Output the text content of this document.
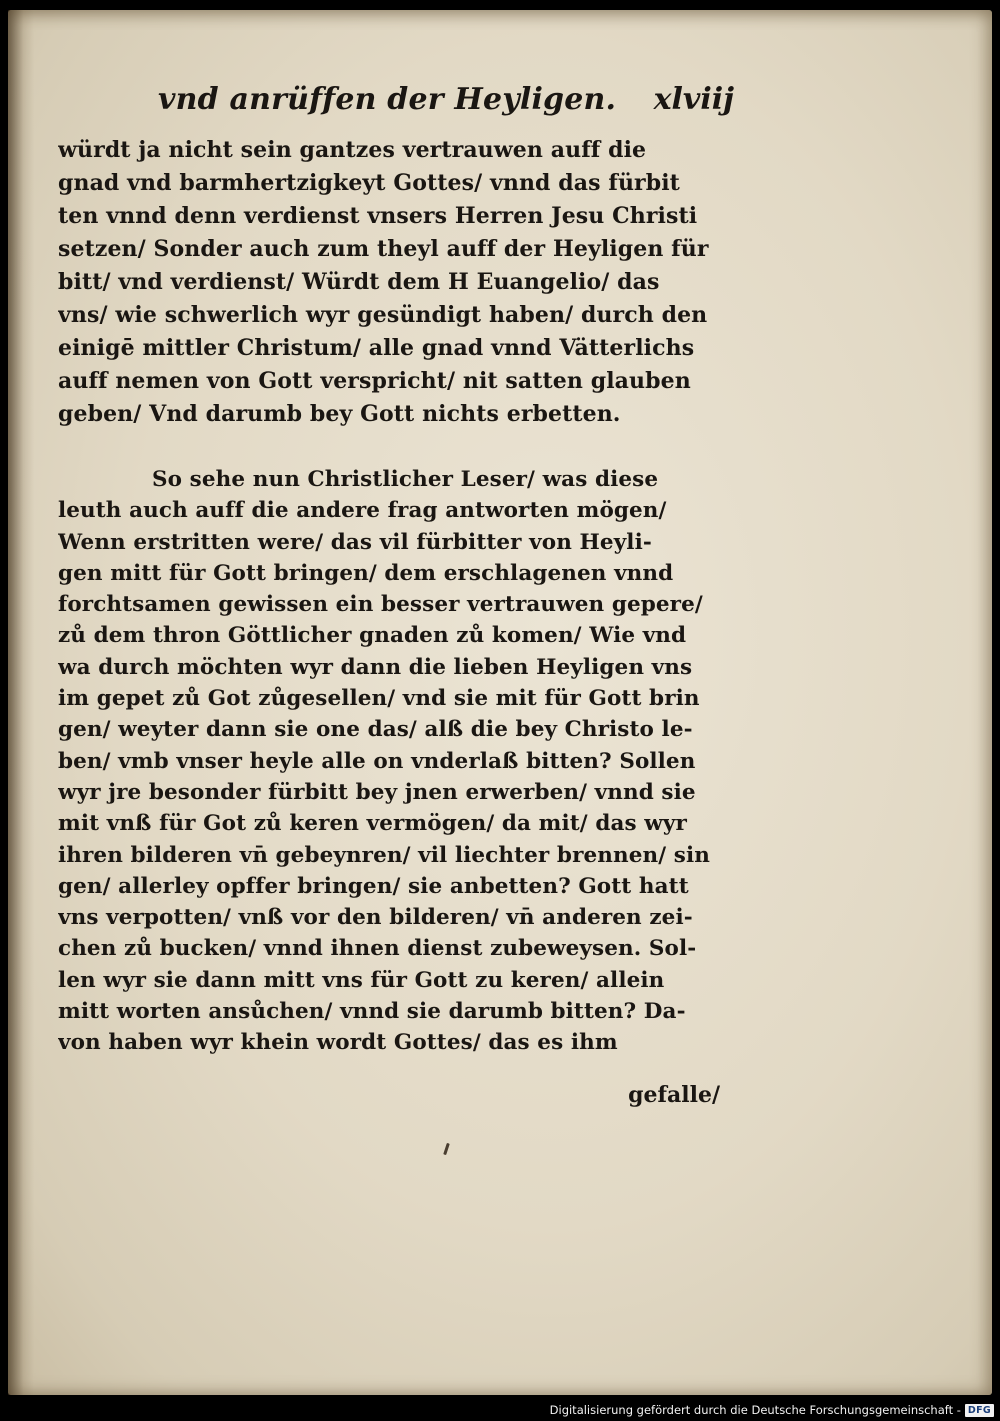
vnd anrüffen der Heyligen. xlviij
würdt ja nicht sein gantzes vertrauwen auff die
gnad vnd barmhertzigkeyt Gottes/ vnnd das fürbit
ten vnnd denn verdienst vnsers Herren Jesu Christi
setzen/ Sonder auch zum theyl auff der Heyligen für
bitt/ vnd verdienst/ Würdt dem H Euangelio/ das
vns/ wie schwerlich wyr gesündigt haben/ durch den
einigē mittler Christum/ alle gnad vnnd Vätterlichs
auff nemen von Gott verspricht/ nit satten glauben
geben/ Vnd darumb bey Gott nichts erbetten.
So sehe nun Christlicher Leser/ was diese
leuth auch auff die andere frag antworten mögen/
Wenn erstritten were/ das vil fürbitter von Heyli-
gen mitt für Gott bringen/ dem erschlagenen vnnd
forchtsamen gewissen ein besser vertrauwen gepere/
zů dem thron Göttlicher gnaden zů komen/ Wie vnd
wa durch möchten wyr dann die lieben Heyligen vns
im gepet zů Got zůgesellen/ vnd sie mit für Gott brin
gen/ weyter dann sie one das/ alß die bey Christo le-
ben/ vmb vnser heyle alle on vnderlaß bitten? Sollen
wyr jre besonder fürbitt bey jnen erwerben/ vnnd sie
mit vnß für Got zů keren vermögen/ da mit/ das wyr
ihren bilderen vn̄ gebeynren/ vil liechter brennen/ sin
gen/ allerley opffer bringen/ sie anbetten? Gott hatt
vns verpotten/ vnß vor den bilderen/ vn̄ anderen zei-
chen zů bucken/ vnnd ihnen dienst zubeweysen. Sol-
len wyr sie dann mitt vns für Gott zu keren/ allein
mitt worten ansůchen/ vnnd sie darumb bitten? Da-
von haben wyr khein wordt Gottes/ das es ihm
gefalle/
Digitalisierung gefördert durch die Deutsche Forschungsgemeinschaft - DFG
